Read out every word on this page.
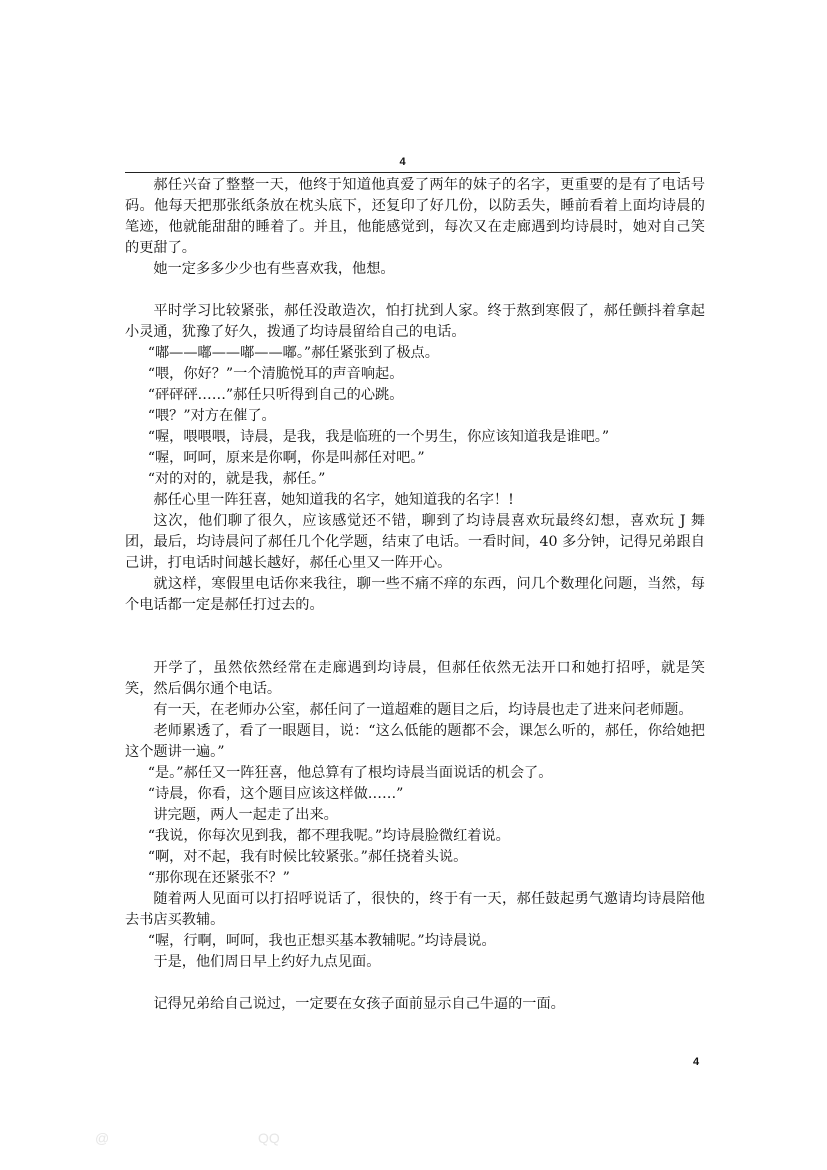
4

郝任兴奋了整整一天，他终于知道他真爱了两年的妹子的名字，更重要的是有了电话号码。他每天把那张纸条放在枕头底下，还复印了好几份，以防丢失，睡前看着上面均诗晨的笔迹，他就能甜甜的睡着了。并且，他能感觉到，每次又在走廊遇到均诗晨时，她对自己笑的更甜了。

她一定多多少少也有些喜欢我，他想。

平时学习比较紧张，郝任没敢造次，怕打扰到人家。终于熬到寒假了，郝任颤抖着拿起小灵通，犹豫了好久，拨通了均诗晨留给自己的电话。

“嘟——嘟——嘟——嘟。”郝任紧张到了极点。

“喂，你好？”一个清脆悦耳的声音响起。

“砰砰砰……”郝任只听得到自己的心跳。

“喂？”对方在催了。

“喔，喂喂喂，诗晨，是我，我是临班的一个男生，你应该知道我是谁吧。”

“喔，呵呵，原来是你啊，你是叫郝任对吧。”

“对的对的，就是我，郝任。”

郝任心里一阵狂喜，她知道我的名字，她知道我的名字！!

这次，他们聊了很久，应该感觉还不错，聊到了均诗晨喜欢玩最终幻想，喜欢玩 J 舞团，最后，均诗晨问了郝任几个化学题，结束了电话。一看时间，40 多分钟，记得兄弟跟自己讲，打电话时间越长越好，郝任心里又一阵开心。

就这样，寒假里电话你来我往，聊一些不痛不痒的东西，问几个数理化问题，当然，每个电话都一定是郝任打过去的。

开学了，虽然依然经常在走廊遇到均诗晨，但郝任依然无法开口和她打招呼，就是笑笑，然后偶尔通个电话。

有一天，在老师办公室，郝任问了一道超难的题目之后，均诗晨也走了进来问老师题。

老师累透了，看了一眼题目，说：“这么低能的题都不会，课怎么听的，郝任，你给她把这个题讲一遍。”

“是。”郝任又一阵狂喜，他总算有了根均诗晨当面说话的机会了。

“诗晨，你看，这个题目应该这样做……”

讲完题，两人一起走了出来。

“我说，你每次见到我，都不理我呢。”均诗晨脸微红着说。

“啊，对不起，我有时候比较紧张。”郝任挠着头说。

“那你现在还紧张不？”

随着两人见面可以打招呼说话了，很快的，终于有一天，郝任鼓起勇气邀请均诗晨陪他去书店买教辅。

“喔，行啊，呵呵，我也正想买基本教辅呢。”均诗晨说。

于是，他们周日早上约好九点见面。

记得兄弟给自己说过，一定要在女孩子面前显示自己牛逼的一面。

4
@	QQ
